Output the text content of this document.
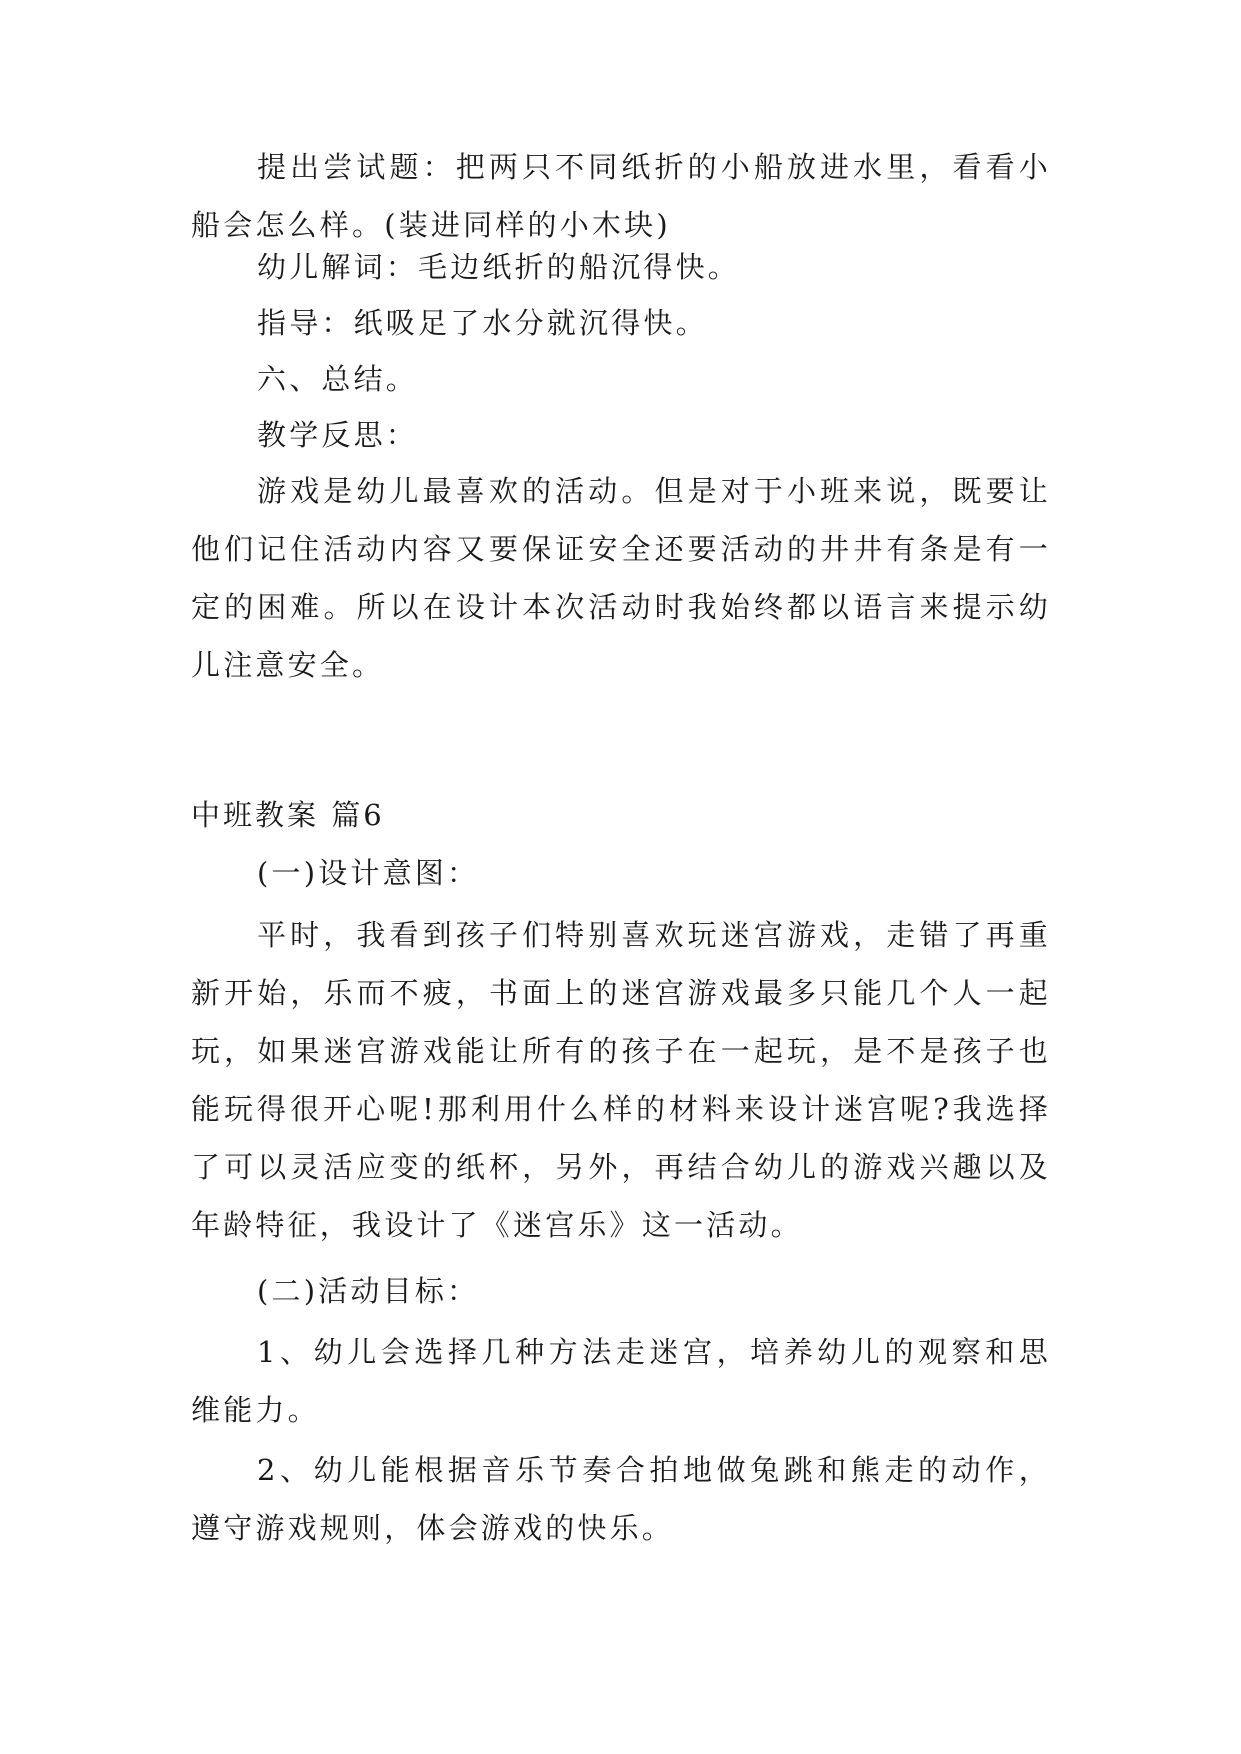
提出尝试题：把两只不同纸折的小船放进水里，看看小船会怎么样。(装进同样的小木块)

幼儿解词：毛边纸折的船沉得快。

指导：纸吸足了水分就沉得快。

六、总结。

教学反思：

游戏是幼儿最喜欢的活动。但是对于小班来说，既要让他们记住活动内容又要保证安全还要活动的井井有条是有一定的困难。所以在设计本次活动时我始终都以语言来提示幼儿注意安全。

中班教案 篇6

(一)设计意图：

平时，我看到孩子们特别喜欢玩迷宫游戏，走错了再重新开始，乐而不疲，书面上的迷宫游戏最多只能几个人一起玩，如果迷宫游戏能让所有的孩子在一起玩，是不是孩子也能玩得很开心呢!那利用什么样的材料来设计迷宫呢?我选择了可以灵活应变的纸杯，另外，再结合幼儿的游戏兴趣以及年龄特征，我设计了《迷宫乐》这一活动。

(二)活动目标：

1、幼儿会选择几种方法走迷宫，培养幼儿的观察和思维能力。

2、幼儿能根据音乐节奏合拍地做兔跳和熊走的动作，遵守游戏规则，体会游戏的快乐。
